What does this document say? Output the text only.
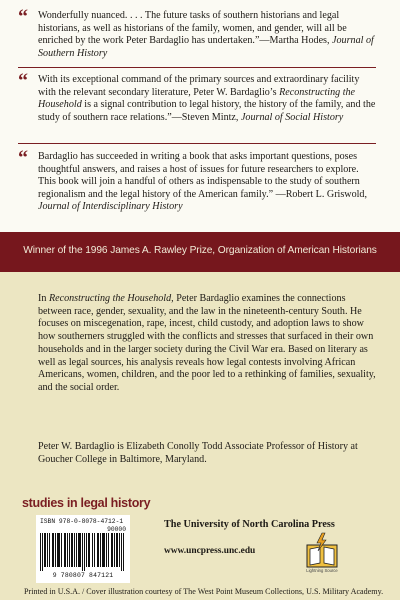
“ Wonderfully nuanced. . . . The future tasks of southern historians and legal historians, as well as historians of the family, women, and gender, will all be enriched by the work Peter Bardaglio has undertaken.”—Martha Hodes, Journal of Southern History
“ With its exceptional command of the primary sources and extraordinary facility with the relevant secondary literature, Peter W. Bardaglio’s Reconstructing the Household is a signal contribution to legal history, the history of the family, and the study of southern race relations.”—Steven Mintz, Journal of Social History
“ Bardaglio has succeeded in writing a book that asks important questions, poses thoughtful answers, and raises a host of issues for future researchers to explore. This book will join a handful of others as indispensable to the study of southern regionalism and the legal history of the American family.” —Robert L. Griswold, Journal of Interdisciplinary History
Winner of the 1996 James A. Rawley Prize, Organization of American Historians
In Reconstructing the Household, Peter Bardaglio examines the connections between race, gender, sexuality, and the law in the nineteenth-century South. He focuses on miscegenation, rape, incest, child custody, and adoption laws to show how southerners struggled with the conflicts and stresses that surfaced in their own households and in the larger society during the Civil War era. Based on literary as well as legal sources, his analysis reveals how legal contests involving African Americans, women, children, and the poor led to a rethinking of families, sexuality, and the social order.
Peter W. Bardaglio is Elizabeth Conolly Todd Associate Professor of History at Goucher College in Baltimore, Maryland.
studies in legal history
ISBN 978-0-8078-4712-1
90000
9 780807 847121
The University of North Carolina Press
www.uncpress.unc.edu
Lightning Source
Printed in U.S.A. / Cover illustration courtesy of The West Point Museum Collections, U.S. Military Academy.
